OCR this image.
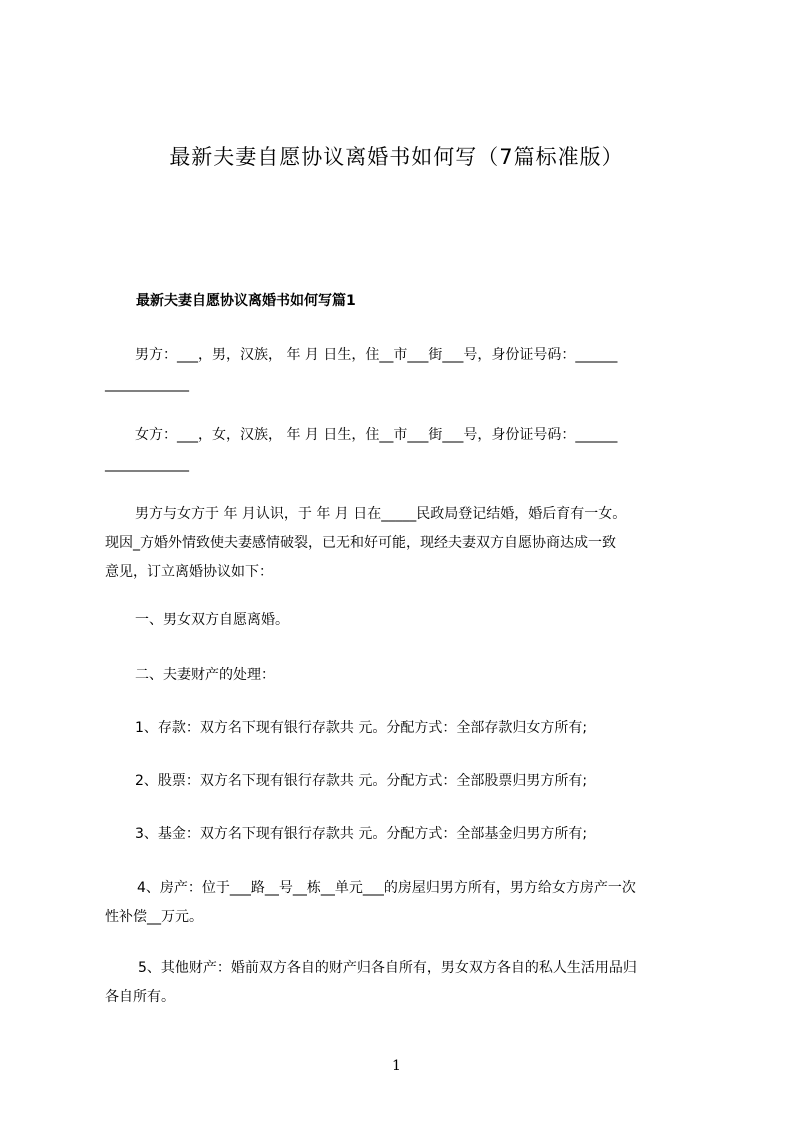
最新夫妻自愿协议离婚书如何写（7篇标准版）
最新夫妻自愿协议离婚书如何写篇1

男方：___，男，汉族， 年 月 日生，住__市___街___号，身份证号码：______
____________

女方：___，女，汉族， 年 月 日生，住__市___街___号，身份证号码：______
____________

男方与女方于 年 月认识，于 年 月 日在_____民政局登记结婚，婚后育有一女。
现因_方婚外情致使夫妻感情破裂，已无和好可能，现经夫妻双方自愿协商达成一致
意见，订立离婚协议如下：

一、男女双方自愿离婚。

二、夫妻财产的处理：

1、存款：双方名下现有银行存款共 元。分配方式：全部存款归女方所有;

2、股票：双方名下现有银行存款共 元。分配方式：全部股票归男方所有;

3、基金：双方名下现有银行存款共 元。分配方式：全部基金归男方所有;

4、房产：位于___路__号__栋__单元___的房屋归男方所有，男方给女方房产一次
性补偿__万元。

5、其他财产：婚前双方各自的财产归各自所有，男女双方各自的私人生活用品归
各自所有。

1
